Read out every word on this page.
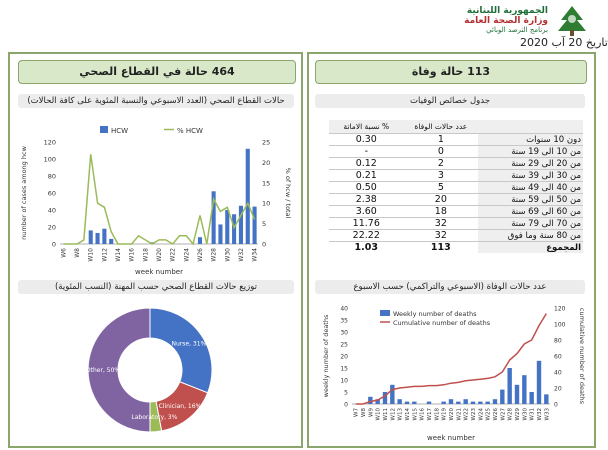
الجمهورية اللبنانية
وزارة الصحة العامة
برنامج الترصد الوبائي
تاريخ 20 آب 2020
464 حالة في القطاع الصحي
حالات القطاع الصحي (العدد الاسبوعي والنسبة المئوية على كافة الحالات)
HCW	% HCW
0
20
40
60
80
100
120
0
5
10
15
20
25
W6 W8 W10 W12 W14 W16 W18 W20 W22 W24 W26 W28 W30 W32 W34
week number
number of cases among hcw	% of hcw / total
توزيع حالات القطاع الصحي حسب المهنة (النسب المئوية)
Nurse, 31%
Clinician, 16%
Laboratory, 3%
Other, 50%
113 حالة وفاة
جدول خصائص الوفيات
نسبة الاماتة %	عدد حالات الوفاة	
0.30	1	دون 10 سنوات
-	0	من 10 الى 19 سنة
0.12	2	من 20 الى 29 سنة
0.21	3	من 30 الى 39 سنة
0.50	5	من 40 الى 49 سنة
2.38	20	من 50 الى 59 سنة
3.60	18	من 60 الى 69 سنة
11.76	32	من 70 الى 79 سنة
22.22	32	من 80 سنة وما فوق
1.03	113	المجموع
عدد حالات الوفاة (الاسبوعي والتراكمي) حسب الاسبوع
0
5
10
15
20
25
30
35
40
0
20
40
60
80
100
120
Weekly number of deaths
Cumulative number of deaths
W7 W8 W9 W10 W11 W12 W13 W14 W15 W16 W17 W18 W19 W20 W21 W22 W23 W24 W25 W26 W27 W28 W29 W30 W31 W32 W33
week number
weekly number of deaths	cumulative number of deaths
